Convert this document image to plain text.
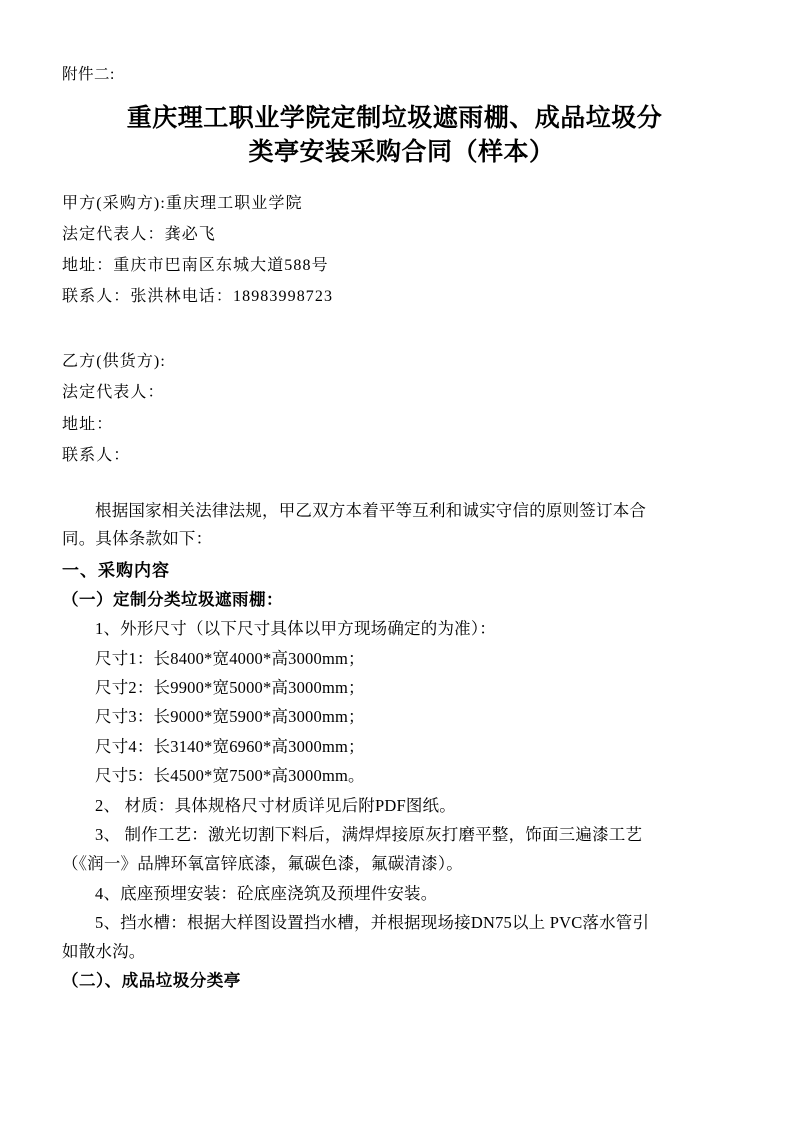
附件二:
重庆理工职业学院定制垃圾遮雨棚、成品垃圾分
类亭安装采购合同（样本）
甲方(采购方):重庆理工职业学院
法定代表人：龚必飞
地址：重庆市巴南区东城大道588号
联系人：张洪林电话：18983998723
乙方(供货方):
法定代表人：
地址：
联系人：

根据国家相关法律法规，甲乙双方本着平等互利和诚实守信的原则签订本合

同。具体条款如下：

一、采购内容

（一）定制分类垃圾遮雨棚：

1、外形尺寸（以下尺寸具体以甲方现场确定的为准）：

尺寸1：长8400*宽4000*高3000mm；

尺寸2：长9900*宽5000*高3000mm；

尺寸3：长9000*宽5900*高3000mm；

尺寸4：长3140*宽6960*高3000mm；

尺寸5：长4500*宽7500*高3000mm。

2、 材质：具体规格尺寸材质详见后附PDF图纸。

3、 制作工艺：激光切割下料后，满焊焊接原灰打磨平整，饰面三遍漆工艺

（《润一》品牌环氧富锌底漆，氟碳色漆，氟碳清漆）。

4、底座预埋安装：砼底座浇筑及预埋件安装。

5、挡水槽：根据大样图设置挡水槽，并根据现场接DN75以上 PVC落水管引

如散水沟。

（二）、成品垃圾分类亭
